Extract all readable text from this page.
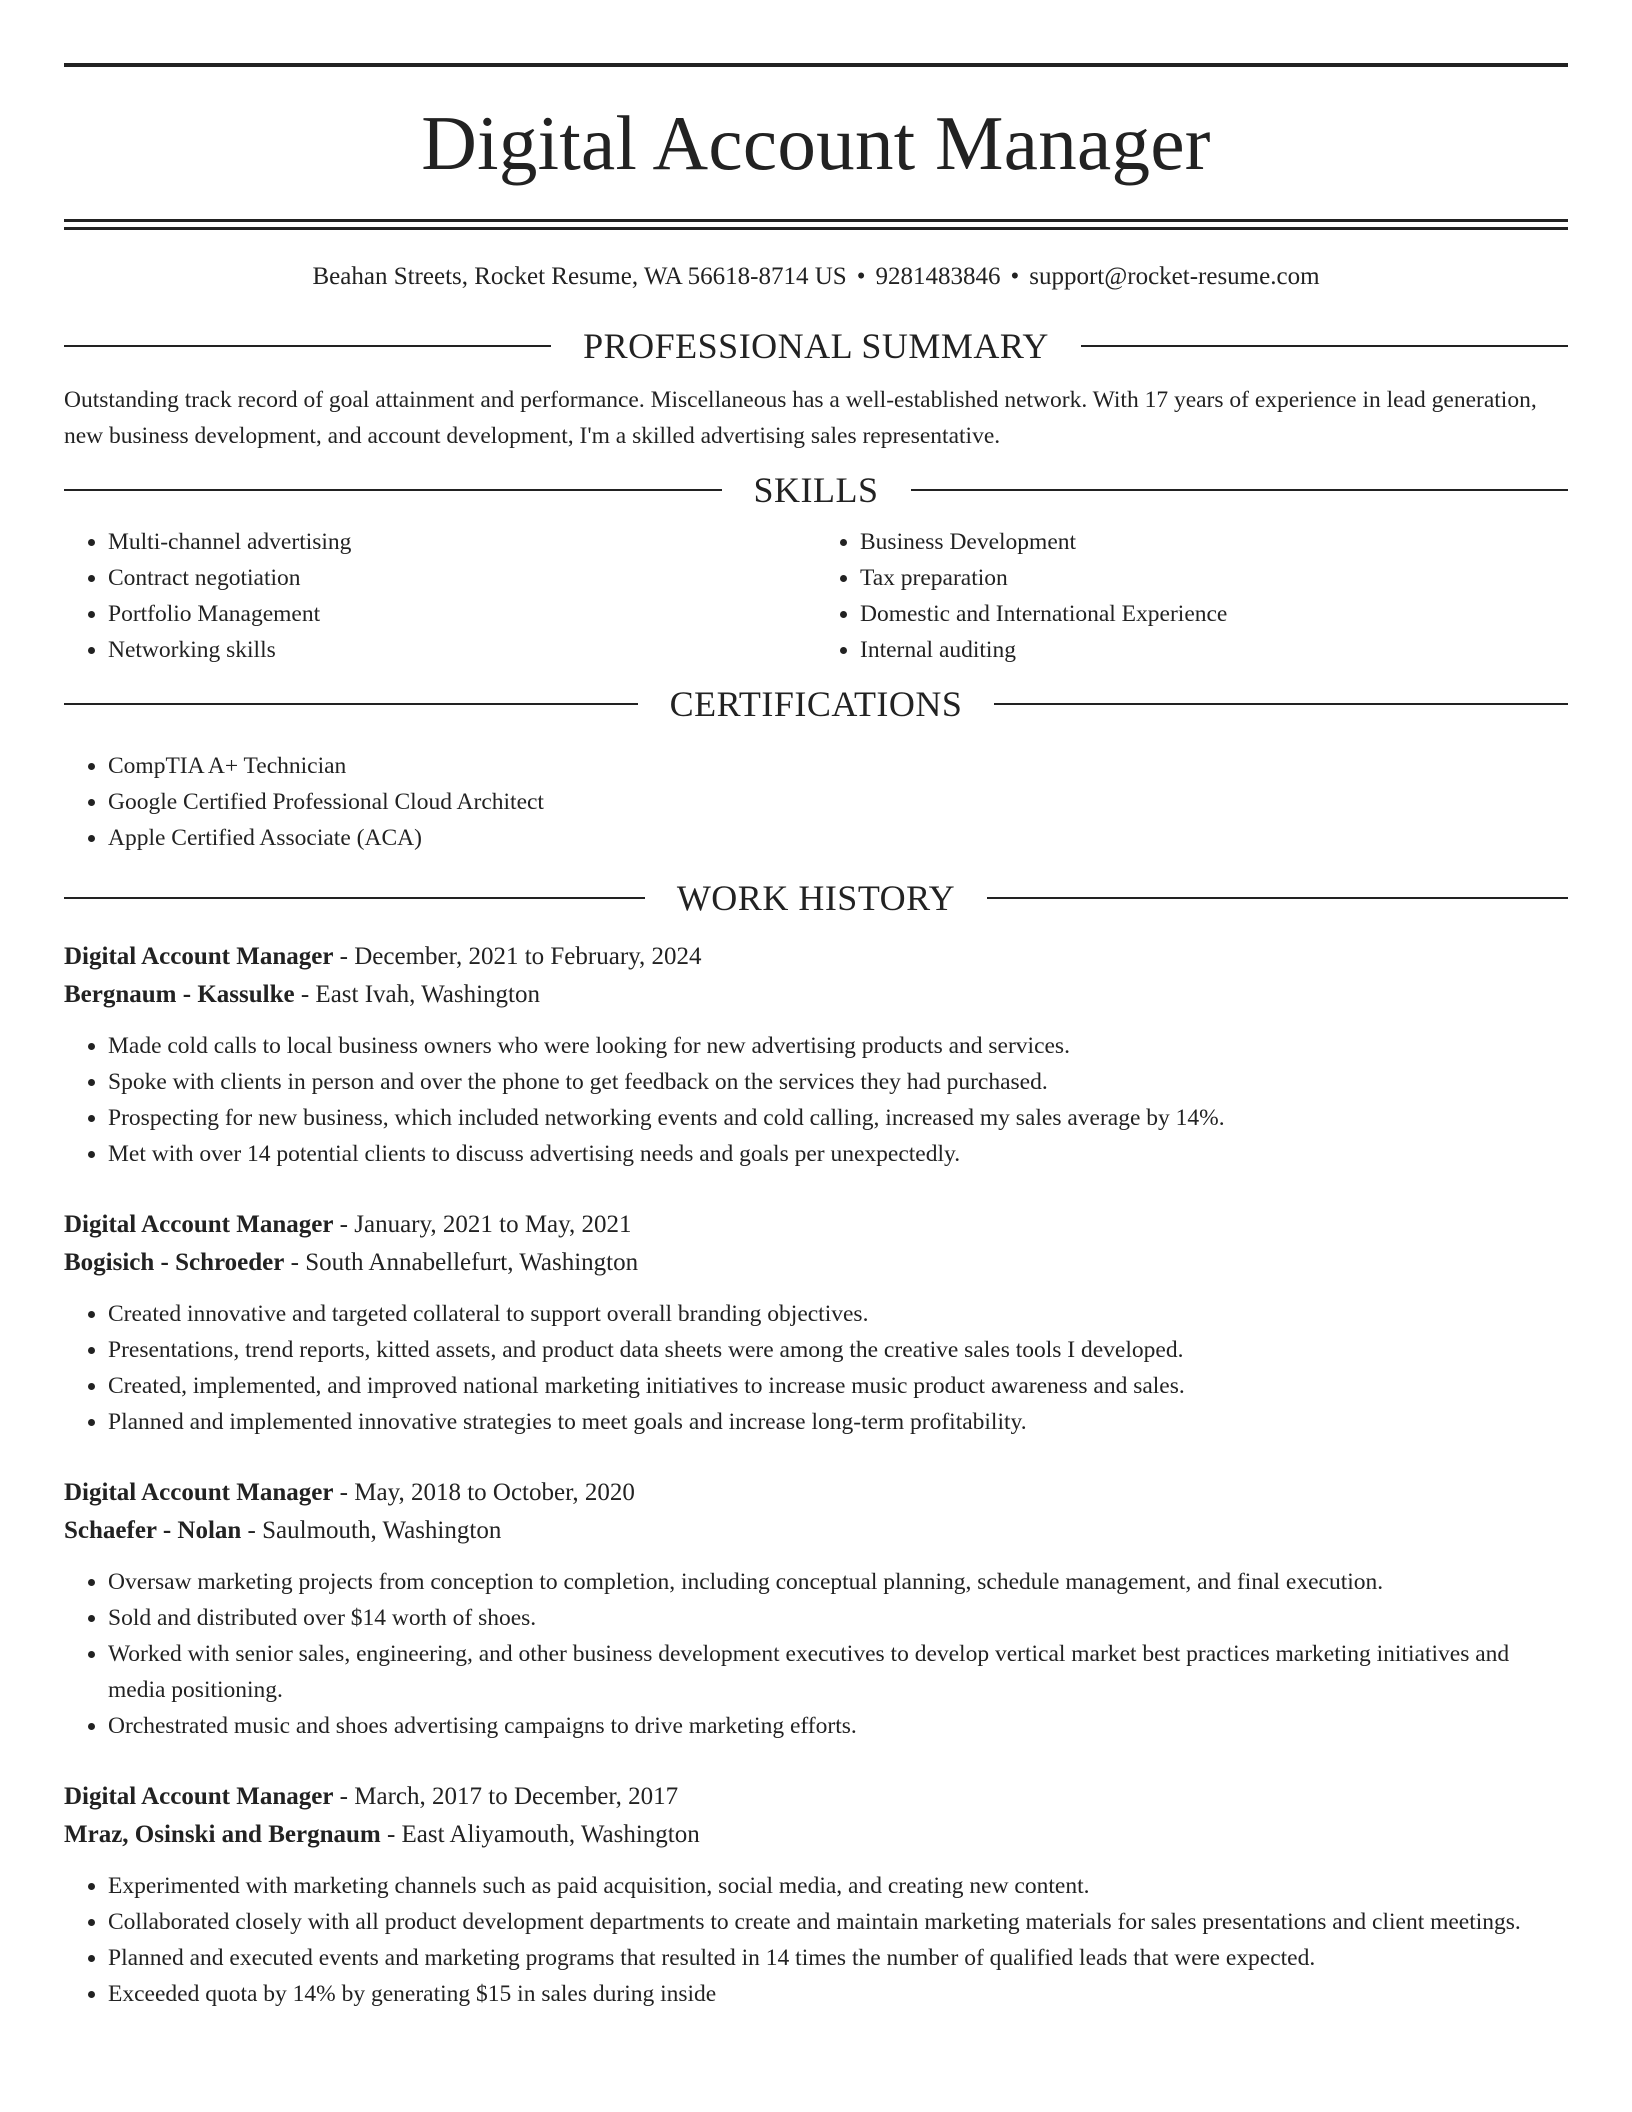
Digital Account Manager
Beahan Streets, Rocket Resume, WA 56618-8714 US • 9281483846 • support@rocket-resume.com
PROFESSIONAL SUMMARY

Outstanding track record of goal attainment and performance. Miscellaneous has a well-established network. With 17 years of experience in lead generation, new business development, and account development, I'm a skilled advertising sales representative.

SKILLS
• Multi-channel advertising
• Contract negotiation
• Portfolio Management
• Networking skills
• Business Development
• Tax preparation
• Domestic and International Experience
• Internal auditing
CERTIFICATIONS
• CompTIA A+ Technician
• Google Certified Professional Cloud Architect
• Apple Certified Associate (ACA)
WORK HISTORY
Digital Account Manager - December, 2021 to February, 2024
Bergnaum - Kassulke - East Ivah, Washington
• Made cold calls to local business owners who were looking for new advertising products and services.
• Spoke with clients in person and over the phone to get feedback on the services they had purchased.
• Prospecting for new business, which included networking events and cold calling, increased my sales average by 14%.
• Met with over 14 potential clients to discuss advertising needs and goals per unexpectedly.
Digital Account Manager - January, 2021 to May, 2021
Bogisich - Schroeder - South Annabellefurt, Washington
• Created innovative and targeted collateral to support overall branding objectives.
• Presentations, trend reports, kitted assets, and product data sheets were among the creative sales tools I developed.
• Created, implemented, and improved national marketing initiatives to increase music product awareness and sales.
• Planned and implemented innovative strategies to meet goals and increase long-term profitability.
Digital Account Manager - May, 2018 to October, 2020
Schaefer - Nolan - Saulmouth, Washington
• Oversaw marketing projects from conception to completion, including conceptual planning, schedule management, and final execution.
• Sold and distributed over $14 worth of shoes.
• Worked with senior sales, engineering, and other business development executives to develop vertical market best practices marketing initiatives and media positioning.
• Orchestrated music and shoes advertising campaigns to drive marketing efforts.
Digital Account Manager - March, 2017 to December, 2017
Mraz, Osinski and Bergnaum - East Aliyamouth, Washington
• Experimented with marketing channels such as paid acquisition, social media, and creating new content.
• Collaborated closely with all product development departments to create and maintain marketing materials for sales presentations and client meetings.
• Planned and executed events and marketing programs that resulted in 14 times the number of qualified leads that were expected.
• Exceeded quota by 14% by generating $15 in sales during inside
